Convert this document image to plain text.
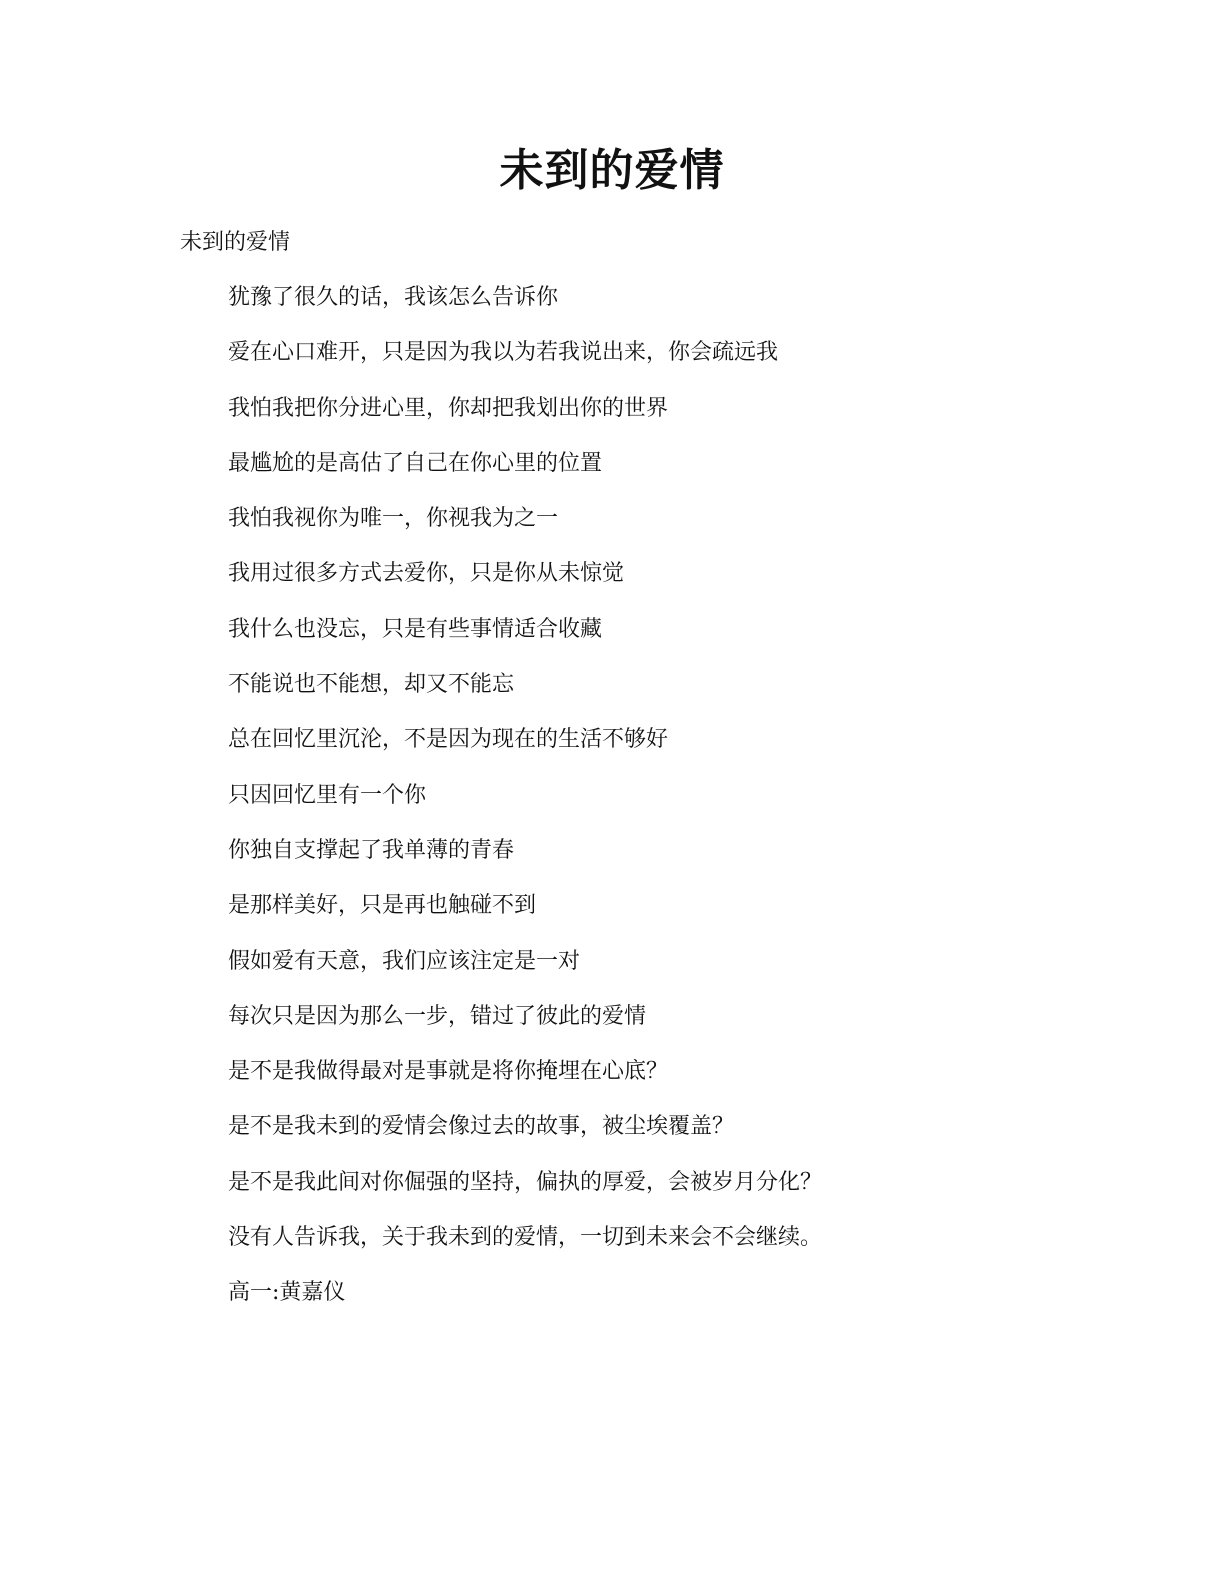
未到的爱情

未到的爱情

犹豫了很久的话，我该怎么告诉你
爱在心口难开，只是因为我以为若我说出来，你会疏远我
我怕我把你分进心里，你却把我划出你的世界
最尴尬的是高估了自己在你心里的位置
我怕我视你为唯一，你视我为之一
我用过很多方式去爱你，只是你从未惊觉
我什么也没忘，只是有些事情适合收藏
不能说也不能想，却又不能忘
总在回忆里沉沦，不是因为现在的生活不够好
只因回忆里有一个你
你独自支撑起了我单薄的青春
是那样美好，只是再也触碰不到
假如爱有天意，我们应该注定是一对
每次只是因为那么一步，错过了彼此的爱情
是不是我做得最对是事就是将你掩埋在心底？
是不是我未到的爱情会像过去的故事，被尘埃覆盖？
是不是我此间对你倔强的坚持，偏执的厚爱，会被岁月分化？
没有人告诉我，关于我未到的爱情，一切到未来会不会继续。

高一:黄嘉仪
